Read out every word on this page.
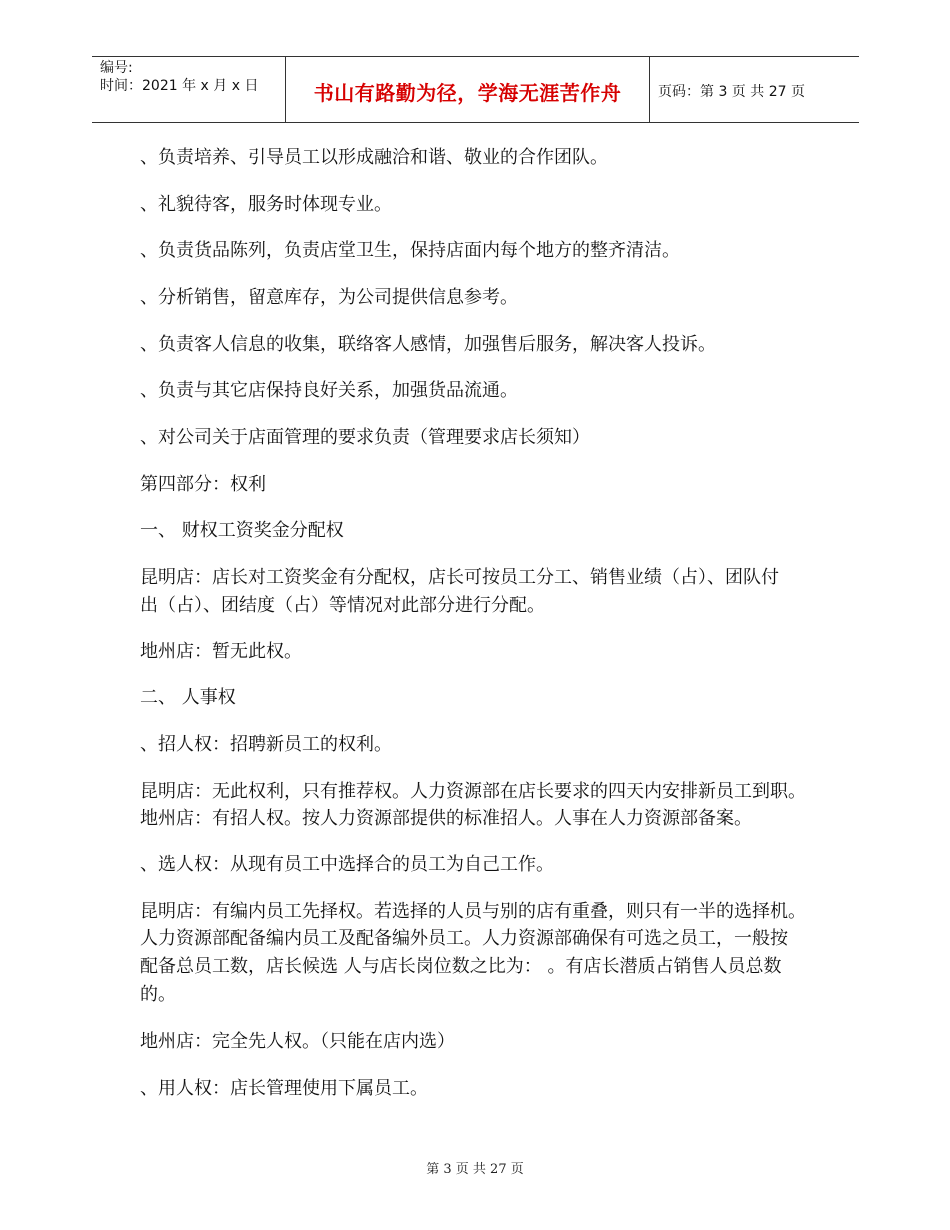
编号:
时间：2021 年 x 月 x 日	书山有路勤为径，学海无涯苦作舟	页码：第 3 页 共 27 页
、负责培养、引导员工以形成融洽和谐、敬业的合作团队。
、礼貌待客，服务时体现专业。
、负责货品陈列，负责店堂卫生，保持店面内每个地方的整齐清洁。
、分析销售，留意库存，为公司提供信息参考。
、负责客人信息的收集，联络客人感情，加强售后服务，解决客人投诉。
、负责与其它店保持良好关系，加强货品流通。
、对公司关于店面管理的要求负责（管理要求店长须知）
第四部分：权利
一、 财权工资奖金分配权
昆明店：店长对工资奖金有分配权，店长可按员工分工、销售业绩（占）、团队付
出（占）、团结度（占）等情况对此部分进行分配。
地州店：暂无此权。
二、 人事权
、招人权：招聘新员工的权利。
昆明店：无此权利，只有推荐权。人力资源部在店长要求的四天内安排新员工到职。
地州店：有招人权。按人力资源部提供的标准招人。人事在人力资源部备案。
、选人权：从现有员工中选择合的员工为自己工作。
昆明店：有编内员工先择权。若选择的人员与别的店有重叠，则只有一半的选择机。
人力资源部配备编内员工及配备编外员工。人力资源部确保有可选之员工，一般按
配备总员工数，店长候选 人与店长岗位数之比为： 。有店长潜质占销售人员总数
的。
地州店：完全先人权。（只能在店内选）
、用人权：店长管理使用下属员工。
第 3 页 共 27 页
